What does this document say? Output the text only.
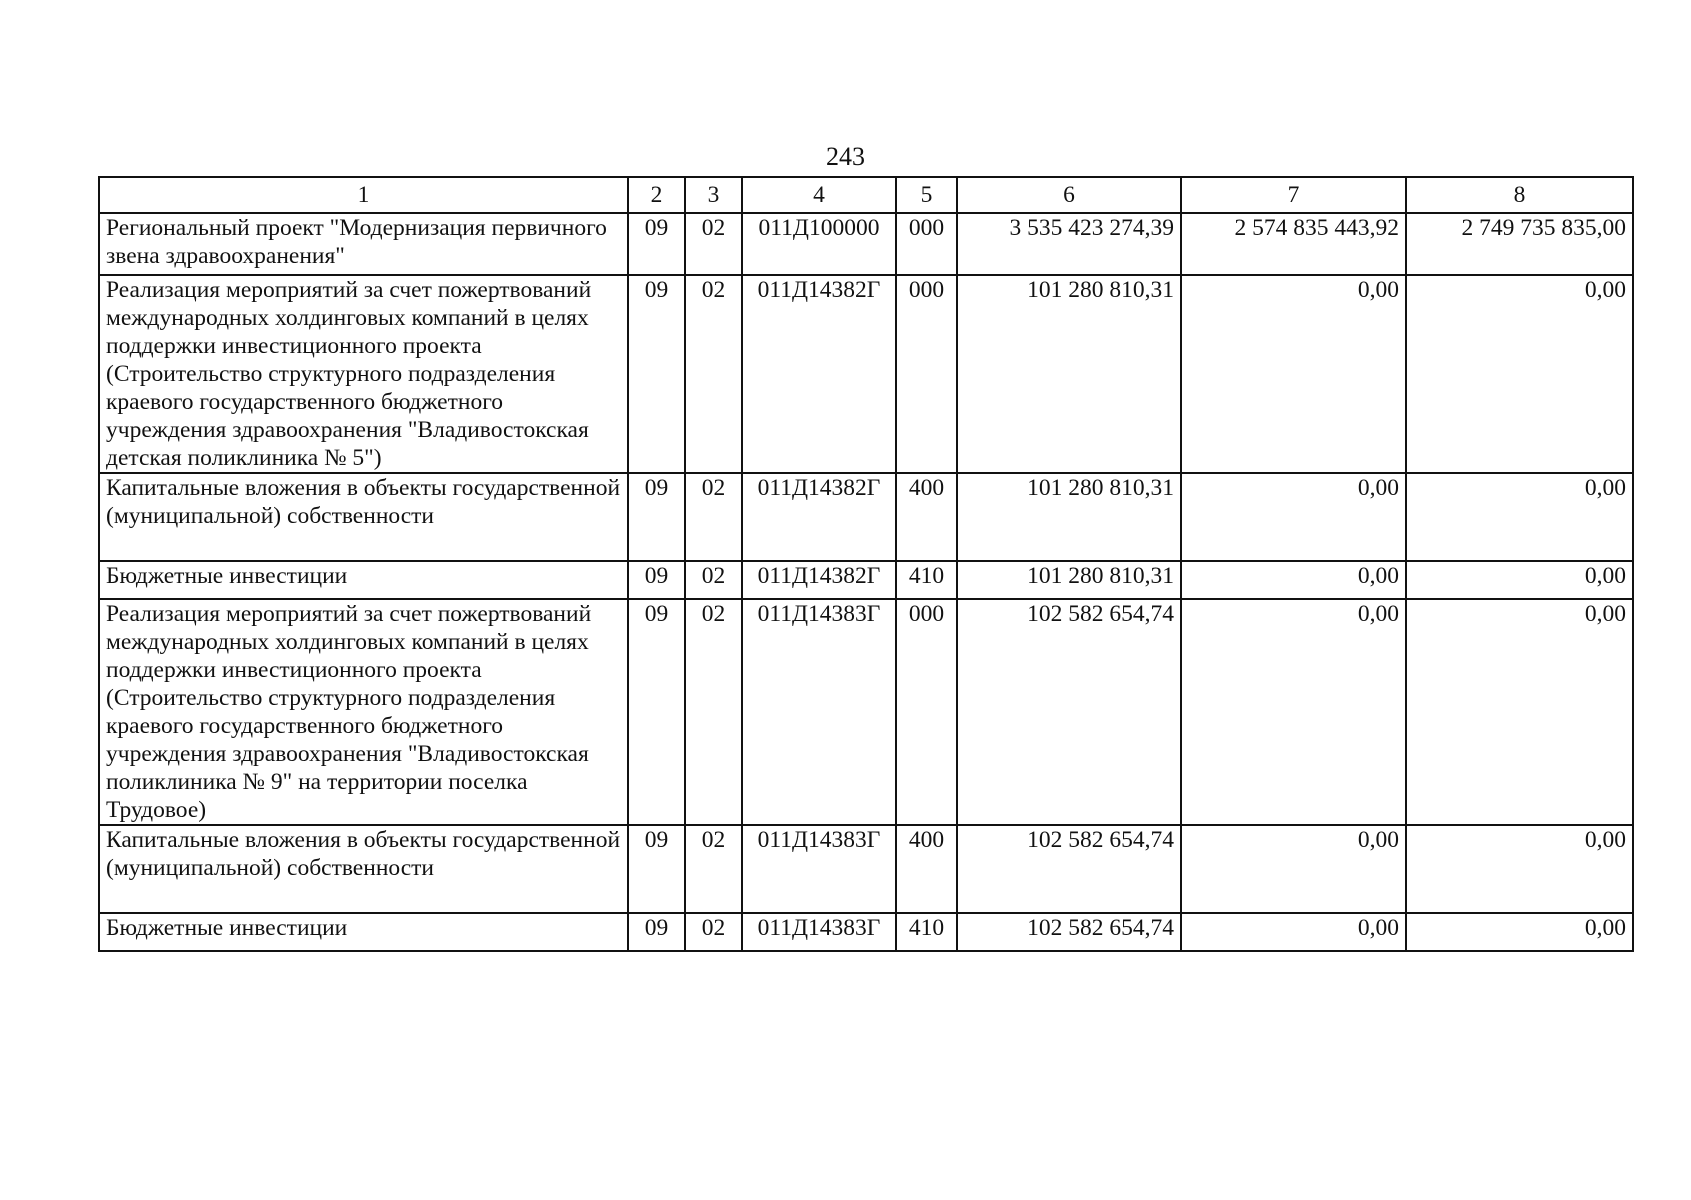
243
1	2	3	4	5	6	7	8
Региональный проект "Модернизация первичного звена здравоохранения"	09	02	011Д100000	000	3 535 423 274,39	2 574 835 443,92	2 749 735 835,00
Реализация мероприятий за счет пожертвований международных холдинговых компаний в целях поддержки инвестиционного проекта (Строительство структурного подразделения краевого государственного бюджетного учреждения здравоохранения "Владивостокская детская поликлиника № 5")	09	02	011Д14382Г	000	101 280 810,31	0,00	0,00
Капитальные вложения в объекты государственной (муниципальной) собственности	09	02	011Д14382Г	400	101 280 810,31	0,00	0,00
Бюджетные инвестиции	09	02	011Д14382Г	410	101 280 810,31	0,00	0,00
Реализация мероприятий за счет пожертвований международных холдинговых компаний в целях поддержки инвестиционного проекта (Строительство структурного подразделения краевого государственного бюджетного учреждения здравоохранения "Владивостокская поликлиника № 9" на территории поселка Трудовое)	09	02	011Д14383Г	000	102 582 654,74	0,00	0,00
Капитальные вложения в объекты государственной (муниципальной) собственности	09	02	011Д14383Г	400	102 582 654,74	0,00	0,00
Бюджетные инвестиции	09	02	011Д14383Г	410	102 582 654,74	0,00	0,00
